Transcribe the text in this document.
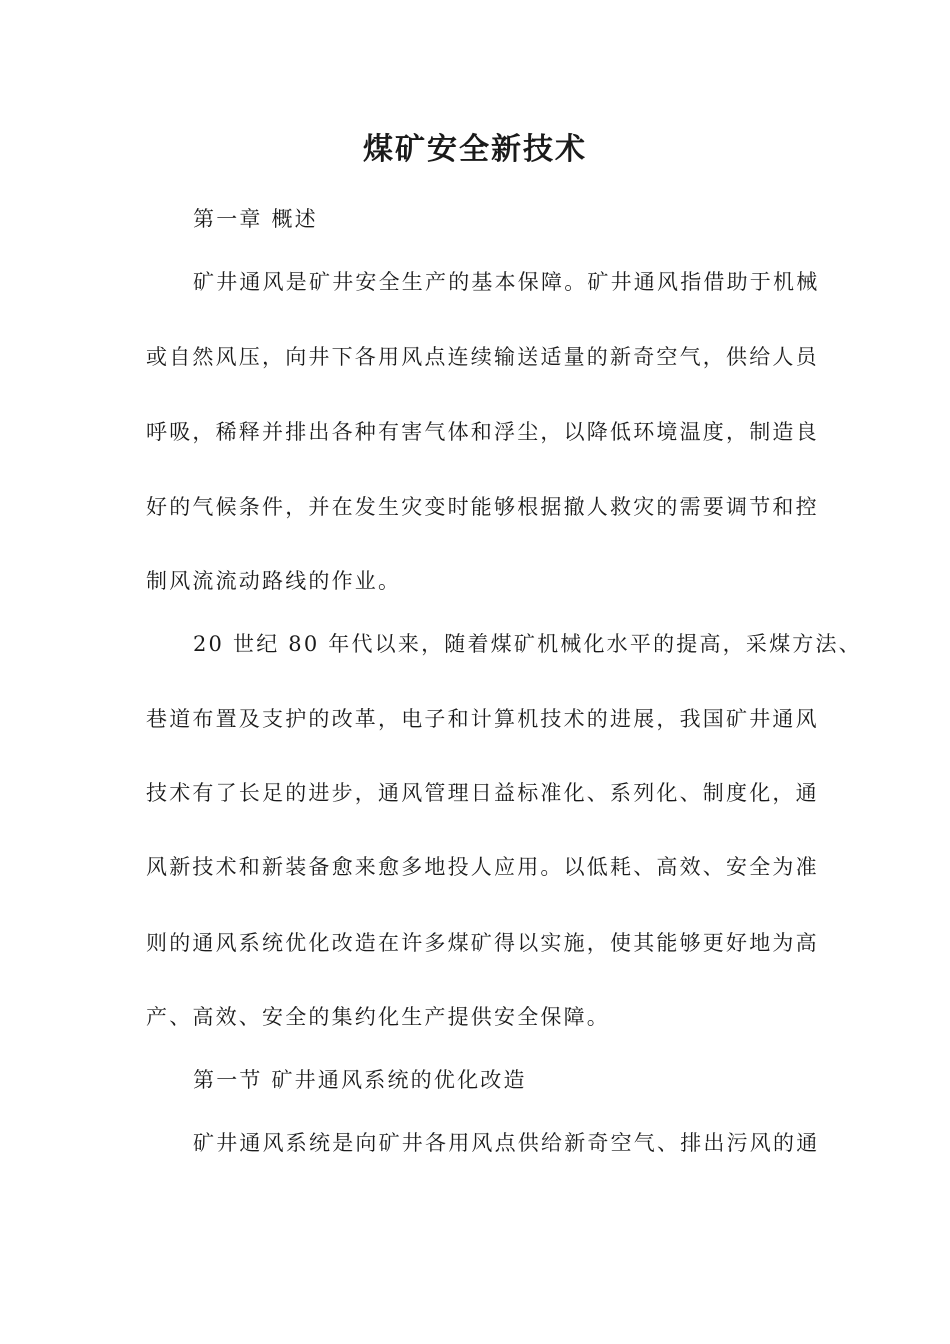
煤矿安全新技术

第一章 概述

矿井通风是矿井安全生产的基本保障。矿井通风指借助于机械

或自然风压，向井下各用风点连续输送适量的新奇空气，供给人员

呼吸，稀释并排出各种有害气体和浮尘，以降低环境温度，制造良

好的气候条件，并在发生灾变时能够根据撤人救灾的需要调节和控

制风流流动路线的作业。

20 世纪 80 年代以来，随着煤矿机械化水平的提高，采煤方法、

巷道布置及支护的改革，电子和计算机技术的进展，我国矿井通风

技术有了长足的进步，通风管理日益标准化、系列化、制度化，通

风新技术和新装备愈来愈多地投人应用。以低耗、高效、安全为准

则的通风系统优化改造在许多煤矿得以实施，使其能够更好地为高

产、高效、安全的集约化生产提供安全保障。

第一节 矿井通风系统的优化改造

矿井通风系统是向矿井各用风点供给新奇空气、排出污风的通
